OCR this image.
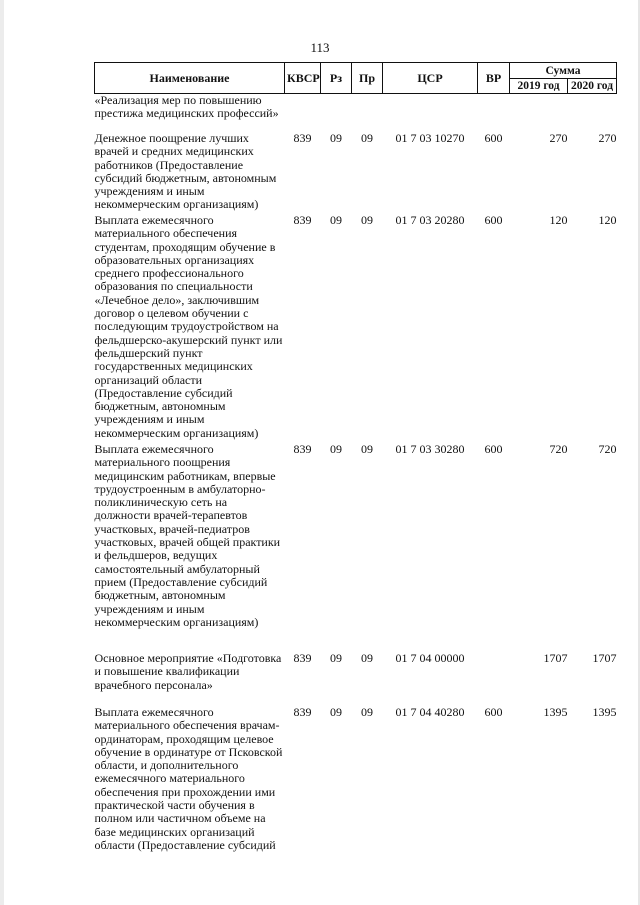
113
Наименование	КВСР	Рз	Пр	ЦСР	ВР	Сумма	
						2019 год	2020 год
«Реализация мер по повышению престижа медицинских профессий»							
Денежное поощрение лучших врачей и средних медицинских работников (Предоставление субсидий бюджетным, автономным учреждениям и иным некоммерческим организациям)	839	09	09	01 7 03 10270	600	270	270
Выплата ежемесячного материального обеспечения студентам, проходящим обучение в образовательных организациях среднего профессионального образования по специальности «Лечебное дело», заключившим договор о целевом обучении с последующим трудоустройством на фельдшерско-акушерский пункт или фельдшерский пункт государственных медицинских организаций области (Предоставление субсидий бюджетным, автономным учреждениям и иным некоммерческим организациям)	839	09	09	01 7 03 20280	600	120	120
Выплата ежемесячного материального поощрения медицинским работникам, впервые трудоустроенным в амбулаторно-поликлиническую сеть на должности врачей-терапевтов участковых, врачей-педиатров участковых, врачей общей практики и фельдшеров, ведущих самостоятельный амбулаторный прием (Предоставление субсидий бюджетным, автономным учреждениям и иным некоммерческим организациям)	839	09	09	01 7 03 30280	600	720	720
Основное мероприятие «Подготовка и повышение квалификации врачебного персонала»	839	09	09	01 7 04 00000		1707	1707
Выплата ежемесячного материального обеспечения врачам-ординаторам, проходящим целевое обучение в ординатуре от Псковской области, и дополнительного ежемесячного материального обеспечения при прохождении ими практической части обучения в полном или частичном объеме на базе медицинских организаций области (Предоставление субсидий	839	09	09	01 7 04 40280	600	1395	1395
